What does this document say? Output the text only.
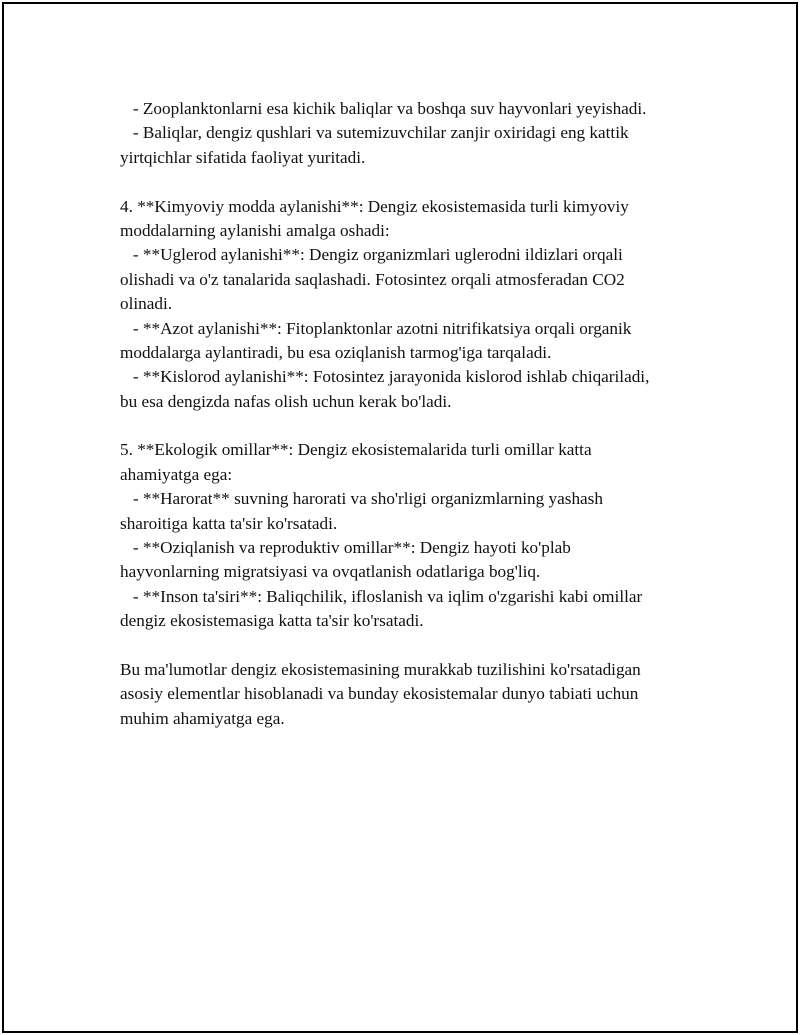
- Zooplanktonlarni esa kichik baliqlar va boshqa suv hayvonlari yeyishadi.
- Baliqlar, dengiz qushlari va sutemizuvchilar zanjir oxiridagi eng kattik
yirtqichlar sifatida faoliyat yuritadi.
4. **Kimyoviy modda aylanishi**: Dengiz ekosistemasida turli kimyoviy
moddalarning aylanishi amalga oshadi:
- **Uglerod aylanishi**: Dengiz organizmlari uglerodni ildizlari orqali
olishadi va o'z tanalarida saqlashadi. Fotosintez orqali atmosferadan CO2
olinadi.
- **Azot aylanishi**: Fitoplanktonlar azotni nitrifikatsiya orqali organik
moddalarga aylantiradi, bu esa oziqlanish tarmog'iga tarqaladi.
- **Kislorod aylanishi**: Fotosintez jarayonida kislorod ishlab chiqariladi,
bu esa dengizda nafas olish uchun kerak bo'ladi.
5. **Ekologik omillar**: Dengiz ekosistemalarida turli omillar katta
ahamiyatga ega:
- **Harorat** suvning harorati va sho'rligi organizmlarning yashash
sharoitiga katta ta'sir ko'rsatadi.
- **Oziqlanish va reproduktiv omillar**: Dengiz hayoti ko'plab
hayvonlarning migratsiyasi va ovqatlanish odatlariga bog'liq.
- **Inson ta'siri**: Baliqchilik, ifloslanish va iqlim o'zgarishi kabi omillar
dengiz ekosistemasiga katta ta'sir ko'rsatadi.
Bu ma'lumotlar dengiz ekosistemasining murakkab tuzilishini ko'rsatadigan
asosiy elementlar hisoblanadi va bunday ekosistemalar dunyo tabiati uchun
muhim ahamiyatga ega.
